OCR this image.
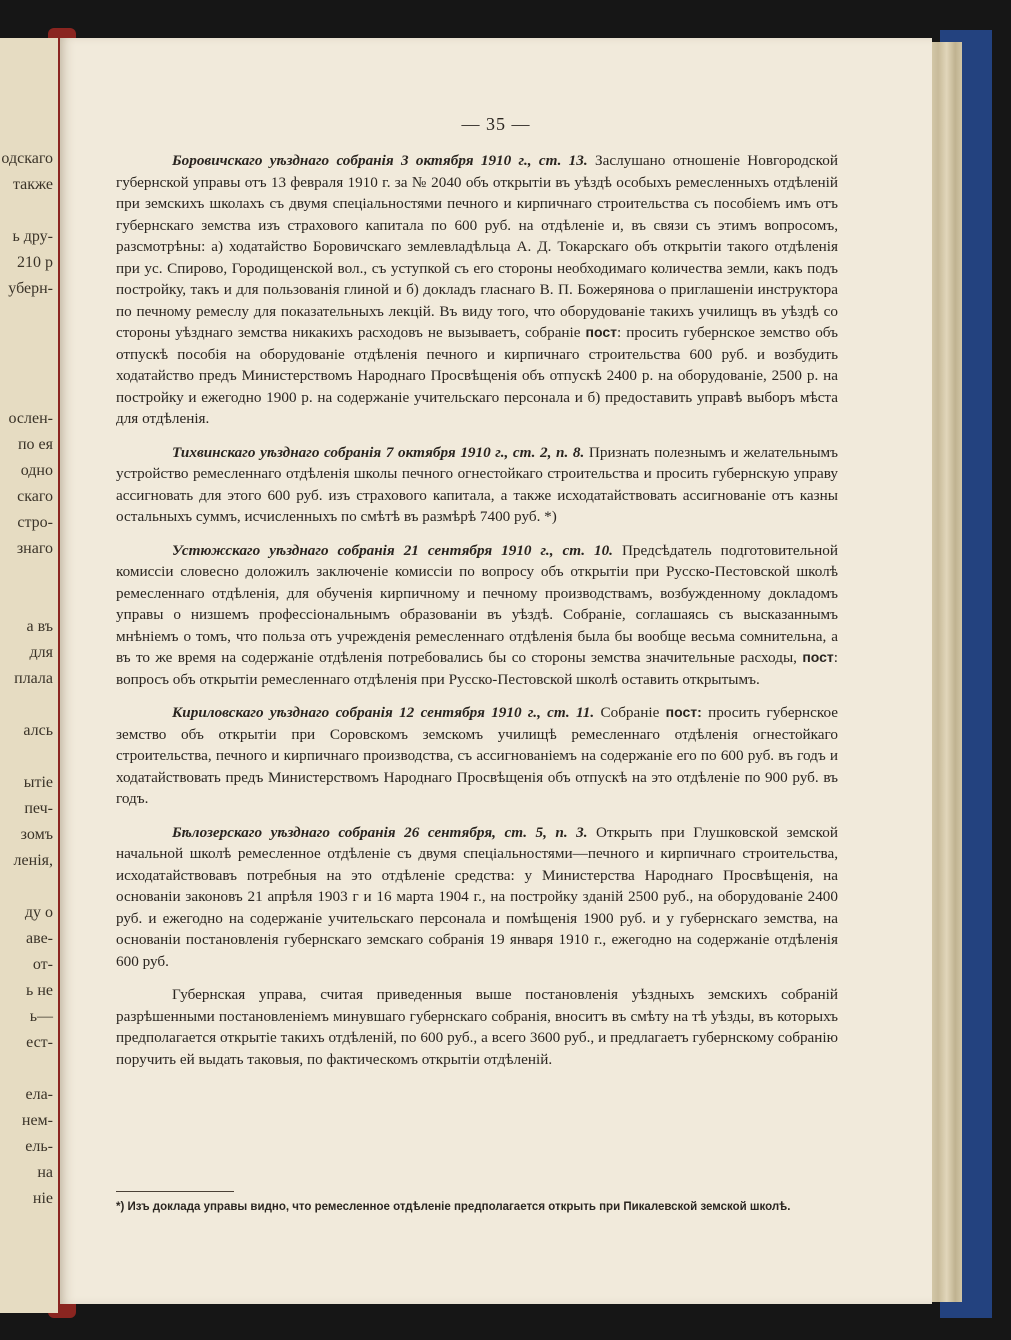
одскаго
также
ь дру-
210 р
уберн-
ослен-
по ея
одно
скаго
стро-
знаго
а въ
для
плала
алсь
ытіе
печ-
зомъ
ленія,
ду о
аве-
от-
ь не
ь—
ест-
ела-
нем-
ель-
на
ніе
— 35 —

Боровичскаго уѣзднаго собранія 3 октября 1910 г., ст. 13. Заслушано отношеніе Новгородской губернской управы отъ 13 февраля 1910 г. за № 2040 объ открытіи въ уѣздѣ особыхъ ремесленныхъ отдѣленій при земскихъ школахъ съ двумя спеціальностями печного и кирпичнаго строительства съ пособіемъ имъ отъ губернскаго земства изъ страхового капитала по 600 руб. на отдѣленіе и, въ связи съ этимъ вопросомъ, разсмотрѣны: а) ходатайство Боровичскаго землевладѣльца А. Д. Токарскаго объ открытіи такого отдѣленія при ус. Спирово, Городищенской вол., съ уступкой съ его стороны необходимаго количества земли, какъ подъ постройку, такъ и для пользованія глиной и б) докладъ гласнаго В. П. Божерянова о приглашеніи инструктора по печному ремеслу для показательныхъ лекцій. Въ виду того, что оборудованіе такихъ училищъ въ уѣздѣ со стороны уѣзднаго земства никакихъ расходовъ не вызываетъ, собраніе пост: просить губернское земство объ отпускѣ пособія на оборудованіе отдѣленія печного и кирпичнаго строительства 600 руб. и возбудить ходатайство предъ Министерствомъ Народнаго Просвѣщенія объ отпускѣ 2400 р. на оборудованіе, 2500 р. на постройку и ежегодно 1900 р. на содержаніе учительскаго персонала и б) предоставить управѣ выборъ мѣста для отдѣленія.

Тихвинскаго уѣзднаго собранія 7 октября 1910 г., ст. 2, п. 8. Признать полезнымъ и желательнымъ устройство ремесленнаго отдѣленія школы печного огнестойкаго строительства и просить губернскую управу ассигновать для этого 600 руб. изъ страхового капитала, а также исходатайствовать ассигнованіе отъ казны остальныхъ суммъ, исчисленныхъ по смѣтѣ въ размѣрѣ 7400 руб. *)

Устюжскаго уѣзднаго собранія 21 сентября 1910 г., ст. 10. Предсѣдатель подготовительной комиссіи словесно доложилъ заключеніе комиссіи по вопросу объ открытіи при Русско-Пестовской школѣ ремесленнаго отдѣленія, для обученія кирпичному и печному производствамъ, возбужденному докладомъ управы о низшемъ профессіональнымъ образованіи въ уѣздѣ. Собраніе, соглашаясь съ высказаннымъ мнѣніемъ о томъ, что польза отъ учрежденія ремесленнаго отдѣленія была бы вообще весьма сомнительна, а въ то же время на содержаніе отдѣленія потребовались бы со стороны земства значительные расходы, пост: вопросъ объ открытіи ремесленнаго отдѣленія при Русско-Пестовской школѣ оставить открытымъ.

Кириловскаго уѣзднаго собранія 12 сентября 1910 г., ст. 11. Собраніе пост: просить губернское земство объ открытіи при Соровскомъ земскомъ училищѣ ремесленнаго отдѣленія огнестойкаго строительства, печного и кирпичнаго производства, съ ассигнованіемъ на содержаніе его по 600 руб. въ годъ и ходатайствовать предъ Министерствомъ Народнаго Просвѣщенія объ отпускѣ на это отдѣленіе по 900 руб. въ годъ.

Бѣлозерскаго уѣзднаго собранія 26 сентября, ст. 5, п. 3. Открыть при Глушковской земской начальной школѣ ремесленное отдѣленіе съ двумя спеціальностями—печного и кирпичнаго строительства, исходатайствовавъ потребныя на это отдѣленіе средства: у Министерства Народнаго Просвѣщенія, на основаніи законовъ 21 апрѣля 1903 г и 16 марта 1904 г., на постройку зданій 2500 руб., на оборудованіе 2400 руб. и ежегодно на содержаніе учительскаго персонала и помѣщенія 1900 руб. и у губернскаго земства, на основаніи постановленія губернскаго земскаго собранія 19 января 1910 г., ежегодно на содержаніе отдѣленія 600 руб.

Губернская управа, считая приведенныя выше постановленія уѣздныхъ земскихъ собраній разрѣшенными постановленіемъ минувшаго губернскаго собранія, вноситъ въ смѣту на тѣ уѣзды, въ которыхъ предполагается открытіе такихъ отдѣленій, по 600 руб., а всего 3600 руб., и предлагаетъ губернскому собранію поручить ей выдать таковыя, по фактическомъ открытіи отдѣленій.

*) Изъ доклада управы видно, что ремесленное отдѣленіе предполагается открыть при Пикалевской земской школѣ.
